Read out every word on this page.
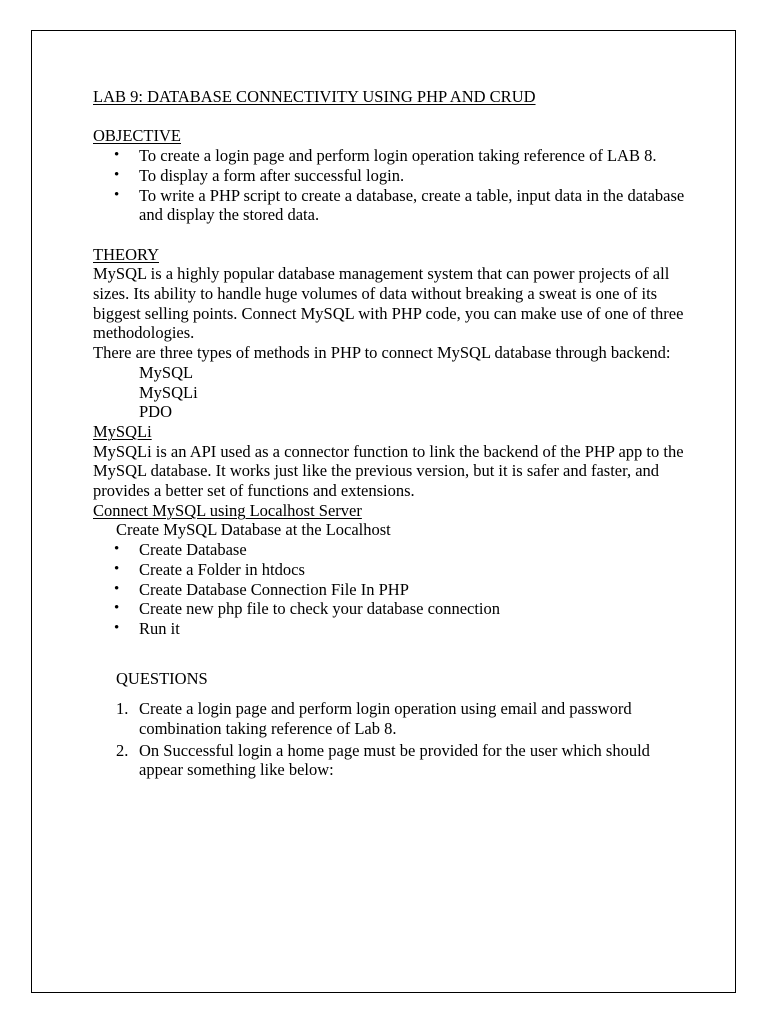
LAB 9: DATABASE CONNECTIVITY USING PHP AND CRUD

OBJECTIVE

• To create a login page and perform login operation taking reference of LAB 8.
• To display a form after successful login.
• To write a PHP script to create a database, create a table, input data in the database and display the stored data.

THEORY

MySQL is a highly popular database management system that can power projects of all sizes. Its ability to handle huge volumes of data without breaking a sweat is one of its biggest selling points. Connect MySQL with PHP code, you can make use of one of three methodologies.

There are three types of methods in PHP to connect MySQL database through backend:

MySQL
MySQLi
PDO

MySQLi

MySQLi is an API used as a connector function to link the backend of the PHP app to the MySQL database. It works just like the previous version, but it is safer and faster, and provides a better set of functions and extensions.

Connect MySQL using Localhost Server

Create MySQL Database at the Localhost

• Create Database
• Create a Folder in htdocs
• Create Database Connection File In PHP
• Create new php file to check your database connection
• Run it

QUESTIONS

1. Create a login page and perform login operation using email and password combination taking reference of Lab 8.
2. On Successful login a home page must be provided for the user which should appear something like below:
